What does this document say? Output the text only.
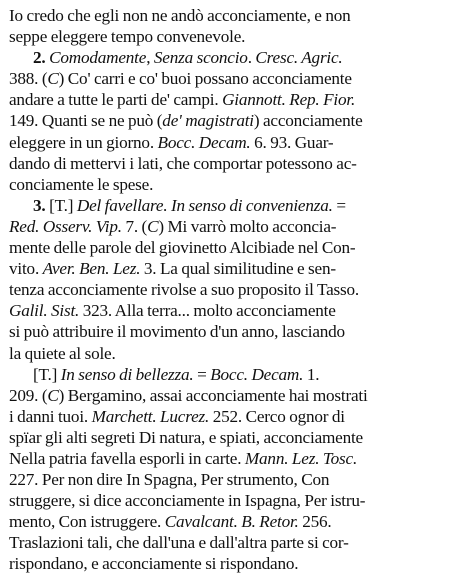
Io credo che egli non ne andò acconciamente, e non
seppe eleggere tempo convenevole.
2. Comodamente, Senza sconcio. Cresc. Agric.
388. (C) Co' carri e co' buoi possano acconciamente
andare a tutte le parti de' campi. Giannott. Rep. Fior.
149. Quanti se ne può (de' magistrati) acconciamente
eleggere in un giorno. Bocc. Decam. 6. 93. Guar-
dando di mettervi i lati, che comportar potessono ac-
conciamente le spese.
3. [T.] Del favellare. In senso di convenienza. =
Red. Osserv. Vip. 7. (C) Mi varrò molto acconcia-
mente delle parole del giovinetto Alcibiade nel Con-
vito. Aver. Ben. Lez. 3. La qual similitudine e sen-
tenza acconciamente rivolse a suo proposito il Tasso.
Galil. Sist. 323. Alla terra... molto acconciamente
si può attribuire il movimento d'un anno, lasciando
la quiete al sole.
[T.] In senso di bellezza. = Bocc. Decam. 1.
209. (C) Bergamino, assai acconciamente hai mostrati
i danni tuoi. Marchett. Lucrez. 252. Cerco ognor di
spïar gli alti segreti Di natura, e spiati, acconciamente
Nella patria favella esporli in carte. Mann. Lez. Tosc.
227. Per non dire In Spagna, Per strumento, Con
struggere, si dice acconciamente in Ispagna, Per istru-
mento, Con istruggere. Cavalcant. B. Retor. 256.
Traslazioni tali, che dall'una e dall'altra parte si cor-
rispondano, e acconciamente si rispondano.
